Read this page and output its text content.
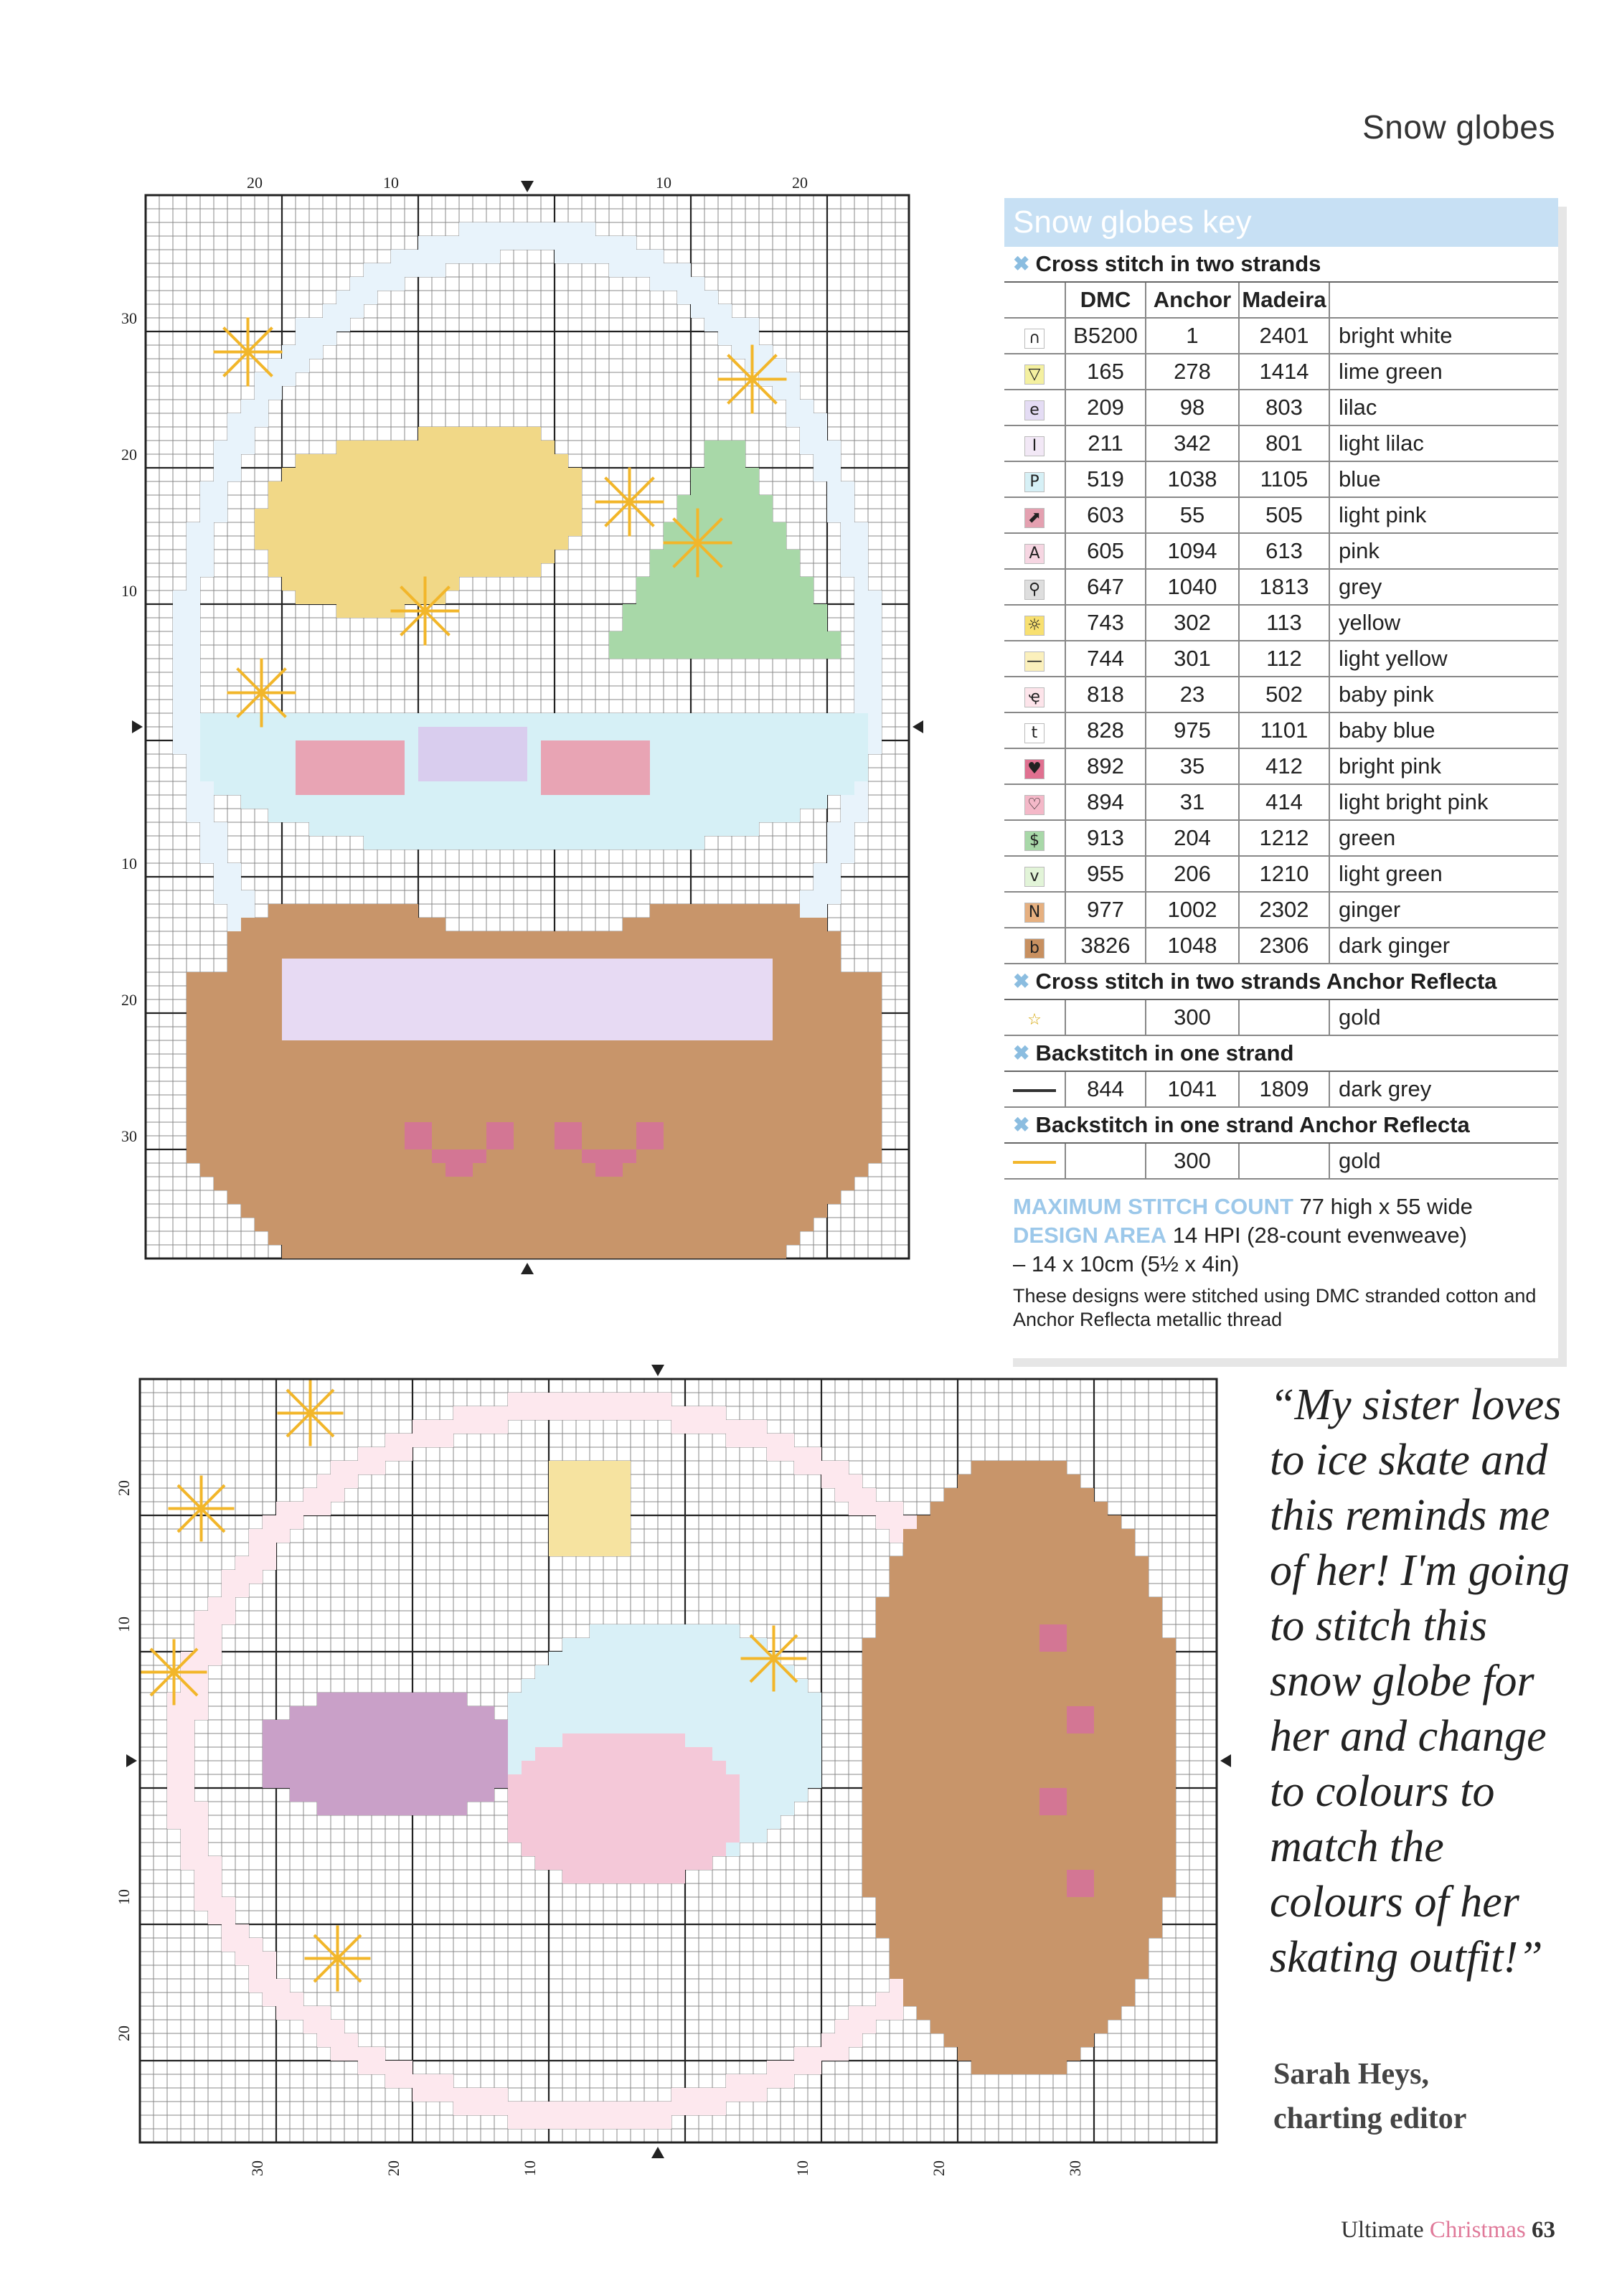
Snow globes
20	10	10	20
30
20
10
10
20
30
20
10
10
20
30	20	10	10	20	30
Snow globes key
✖ Cross stitch in two strands
	DMC	Anchor	Madeira	
∩	B5200	1	2401	bright white
▽	165	278	1414	lime green
e	209	98	803	lilac
I	211	342	801	light lilac
P	519	1038	1105	blue
⬈	603	55	505	light pink
A	605	1094	613	pink
⚲	647	1040	1813	grey
☼	743	302	113	yellow
—	744	301	112	light yellow
ҿ	818	23	502	baby pink
t	828	975	1101	baby blue
♥	892	35	412	bright pink
♡	894	31	414	light bright pink
$	913	204	1212	green
v	955	206	1210	light green
N	977	1002	2302	ginger
b	3826	1048	2306	dark ginger
✖ Cross stitch in two strands Anchor Reflecta
☆		300		gold
✖ Backstitch in one strand
	844	1041	1809	dark grey
✖ Backstitch in one strand Anchor Reflecta
		300		gold
MAXIMUM STITCH COUNT 77 high x 55 wide
DESIGN AREA 14 HPI (28-count evenweave)
– 14 x 10cm (5½ x 4in)
These designs were stitched using DMC stranded cotton and Anchor Reflecta metallic thread
“My sister loves to ice skate and this reminds me of her! I'm going to stitch this snow globe for her and change to colours to match the colours of her skating outfit!”
Sarah Heys,
charting editor
Ultimate Christmas 63
